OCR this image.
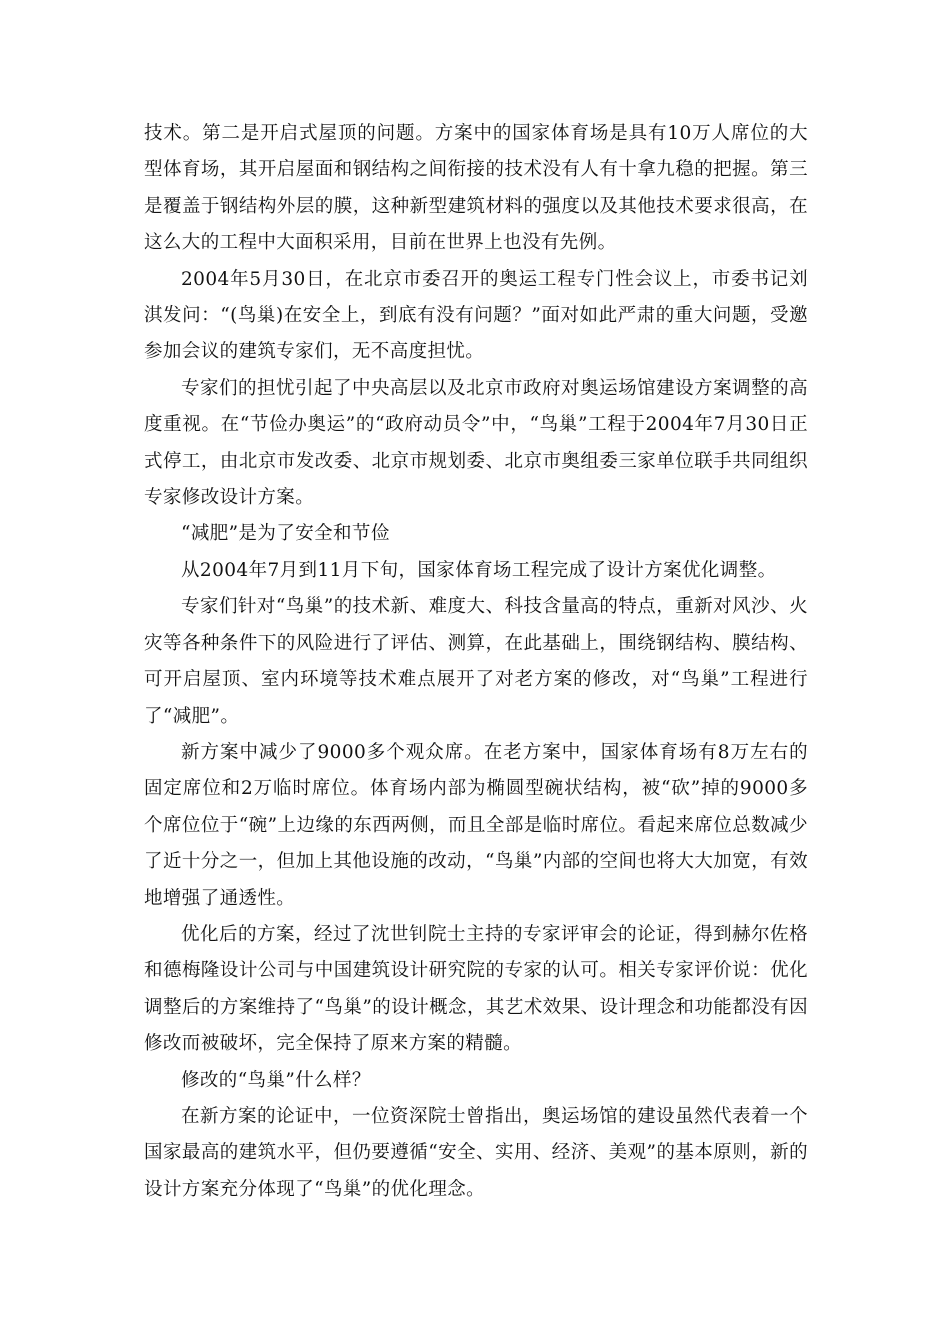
技术。第二是开启式屋顶的问题。方案中的国家体育场是具有10万人席位的大型体育场，其开启屋面和钢结构之间衔接的技术没有人有十拿九稳的把握。第三是覆盖于钢结构外层的膜，这种新型建筑材料的强度以及其他技术要求很高，在这么大的工程中大面积采用，目前在世界上也没有先例。

2004年5月30日，在北京市委召开的奥运工程专门性会议上，市委书记刘淇发问：“(鸟巢)在安全上，到底有没有问题？”面对如此严肃的重大问题，受邀参加会议的建筑专家们，无不高度担忧。

专家们的担忧引起了中央高层以及北京市政府对奥运场馆建设方案调整的高度重视。在“节俭办奥运”的“政府动员令”中，“鸟巢”工程于2004年7月30日正式停工，由北京市发改委、北京市规划委、北京市奥组委三家单位联手共同组织专家修改设计方案。

“减肥”是为了安全和节俭

从2004年7月到11月下旬，国家体育场工程完成了设计方案优化调整。

专家们针对“鸟巢”的技术新、难度大、科技含量高的特点，重新对风沙、火灾等各种条件下的风险进行了评估、测算，在此基础上，围绕钢结构、膜结构、可开启屋顶、室内环境等技术难点展开了对老方案的修改，对“鸟巢”工程进行了“减肥”。

新方案中减少了9000多个观众席。在老方案中，国家体育场有8万左右的固定席位和2万临时席位。体育场内部为椭圆型碗状结构，被“砍”掉的9000多个席位位于“碗”上边缘的东西两侧，而且全部是临时席位。看起来席位总数减少了近十分之一，但加上其他设施的改动，“鸟巢”内部的空间也将大大加宽，有效地增强了通透性。

优化后的方案，经过了沈世钊院士主持的专家评审会的论证，得到赫尔佐格和德梅隆设计公司与中国建筑设计研究院的专家的认可。相关专家评价说：优化调整后的方案维持了“鸟巢”的设计概念，其艺术效果、设计理念和功能都没有因修改而被破坏，完全保持了原来方案的精髓。

修改的“鸟巢”什么样？

在新方案的论证中，一位资深院士曾指出，奥运场馆的建设虽然代表着一个国家最高的建筑水平，但仍要遵循“安全、实用、经济、美观”的基本原则，新的设计方案充分体现了“鸟巢”的优化理念。
